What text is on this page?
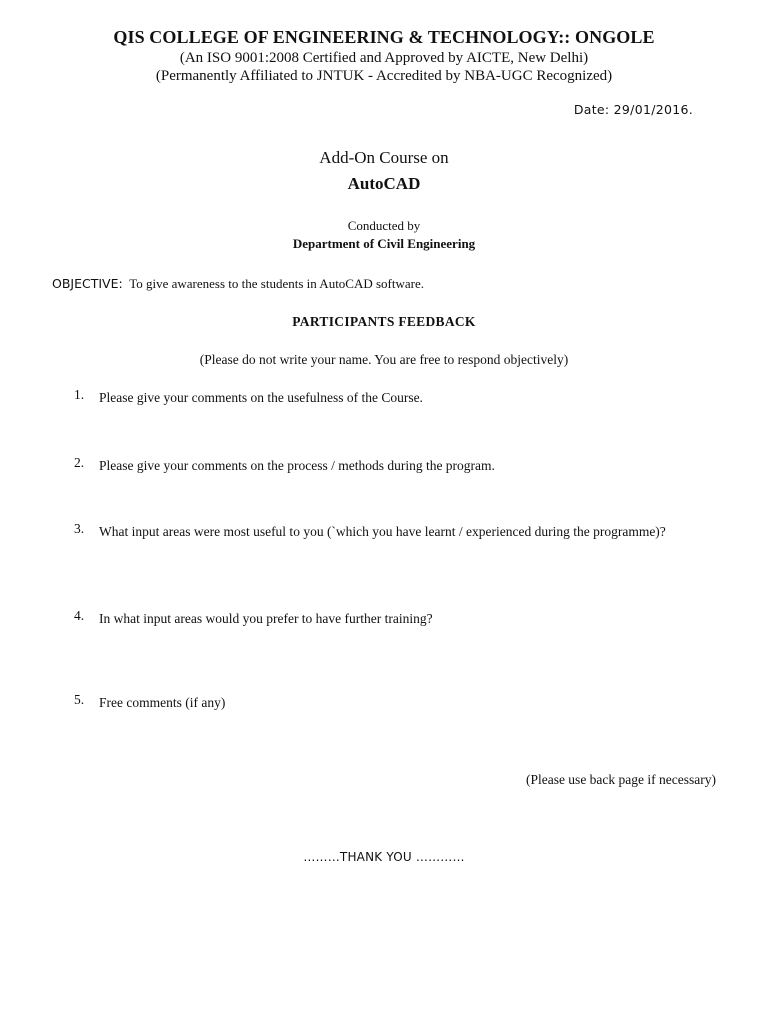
QIS COLLEGE OF ENGINEERING & TECHNOLOGY:: ONGOLE
(An ISO 9001:2008 Certified and Approved by AICTE, New Delhi)
(Permanently Affiliated to JNTUK - Accredited by NBA-UGC Recognized)
Date: 29/01/2016.
Add-On Course on
AutoCAD
Conducted by
Department of Civil Engineering
OBJECTIVE: To give awareness to the students in AutoCAD software.
PARTICIPANTS FEEDBACK
(Please do not write your name. You are free to respond objectively)
1. Please give your comments on the usefulness of the Course.
2. Please give your comments on the process / methods during the program.
3. What input areas were most useful to you (`which you have learnt / experienced during the programme)?
4. In what input areas would you prefer to have further training?
5. Free comments (if any)
(Please use back page if necessary)
………THANK YOU …………
